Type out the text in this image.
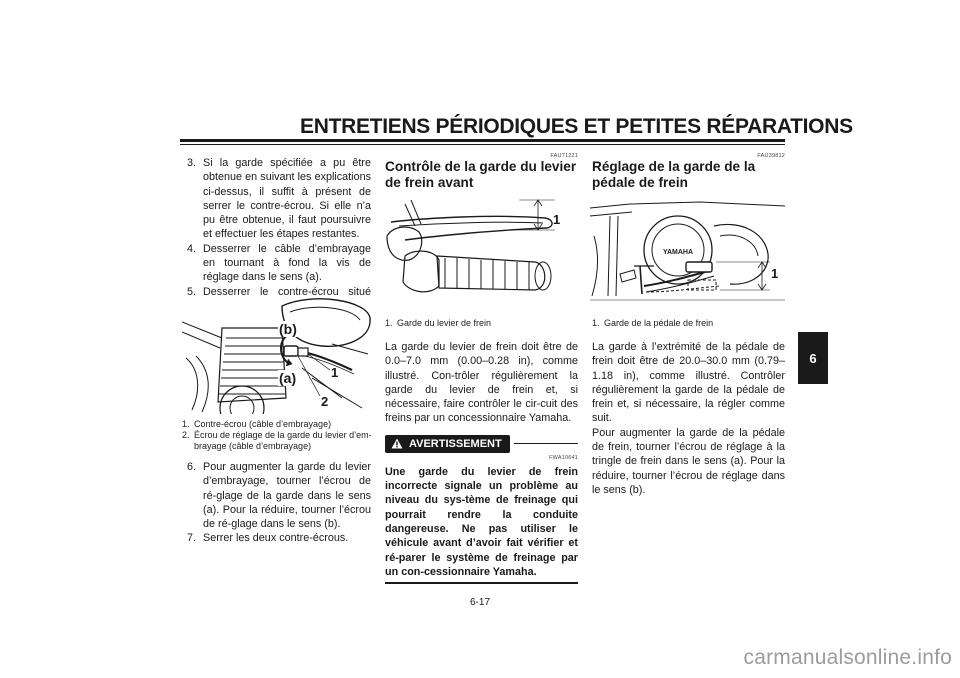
ENTRETIENS PÉRIODIQUES ET PETITES RÉPARATIONS
6
3. Si la garde spécifiée a pu être obtenue en suivant les explications ci-dessus, il suffit à présent de serrer le contre-écrou. Si elle n’a pu être obtenue, il faut poursuivre et effectuer les étapes restantes.
4. Desserrer le câble d’embrayage en tournant à fond la vis de réglage dans le sens (a).
5. Desserrer le contre-écrou situé
(b)
(a)	1
2
1. Contre-écrou (câble d’embrayage)
2. Écrou de réglage de la garde du levier d’em-brayage (câble d’embrayage)
6. Pour augmenter la garde du levier d’embrayage, tourner l’écrou de ré-glage de la garde dans le sens (a). Pour la réduire, tourner l’écrou de ré-glage dans le sens (b).
7. Serrer les deux contre-écrous.
FAU71221
Contrôle de la garde du levier de frein avant
1
1. Garde du levier de frein
La garde du levier de frein doit être de 0.0–7.0 mm (0.00–0.28 in), comme illustré. Con-trôler régulièrement la garde du levier de frein et, si nécessaire, faire contrôler le cir-cuit des freins par un concessionnaire Yamaha.
AVERTISSEMENT
FWA10641
Une garde du levier de frein incorrecte signale un problème au niveau du sys-tème de freinage qui pourrait rendre la conduite dangereuse. Ne pas utiliser le véhicule avant d’avoir fait vérifier et ré-parer le système de freinage par un con-cessionnaire Yamaha.
FAU39812
Réglage de la garde de la pédale de frein
YAMAHA
1
1. Garde de la pédale de frein
La garde à l’extrémité de la pédale de frein doit être de 20.0–30.0 mm (0.79–1.18 in), comme illustré. Contrôler régulièrement la garde de la pédale de frein et, si nécessaire, la régler comme suit.
Pour augmenter la garde de la pédale de frein, tourner l’écrou de réglage à la tringle de frein dans le sens (a). Pour la réduire, tourner l’écrou de réglage dans le sens (b).
6-17
carmanualsonline.info
